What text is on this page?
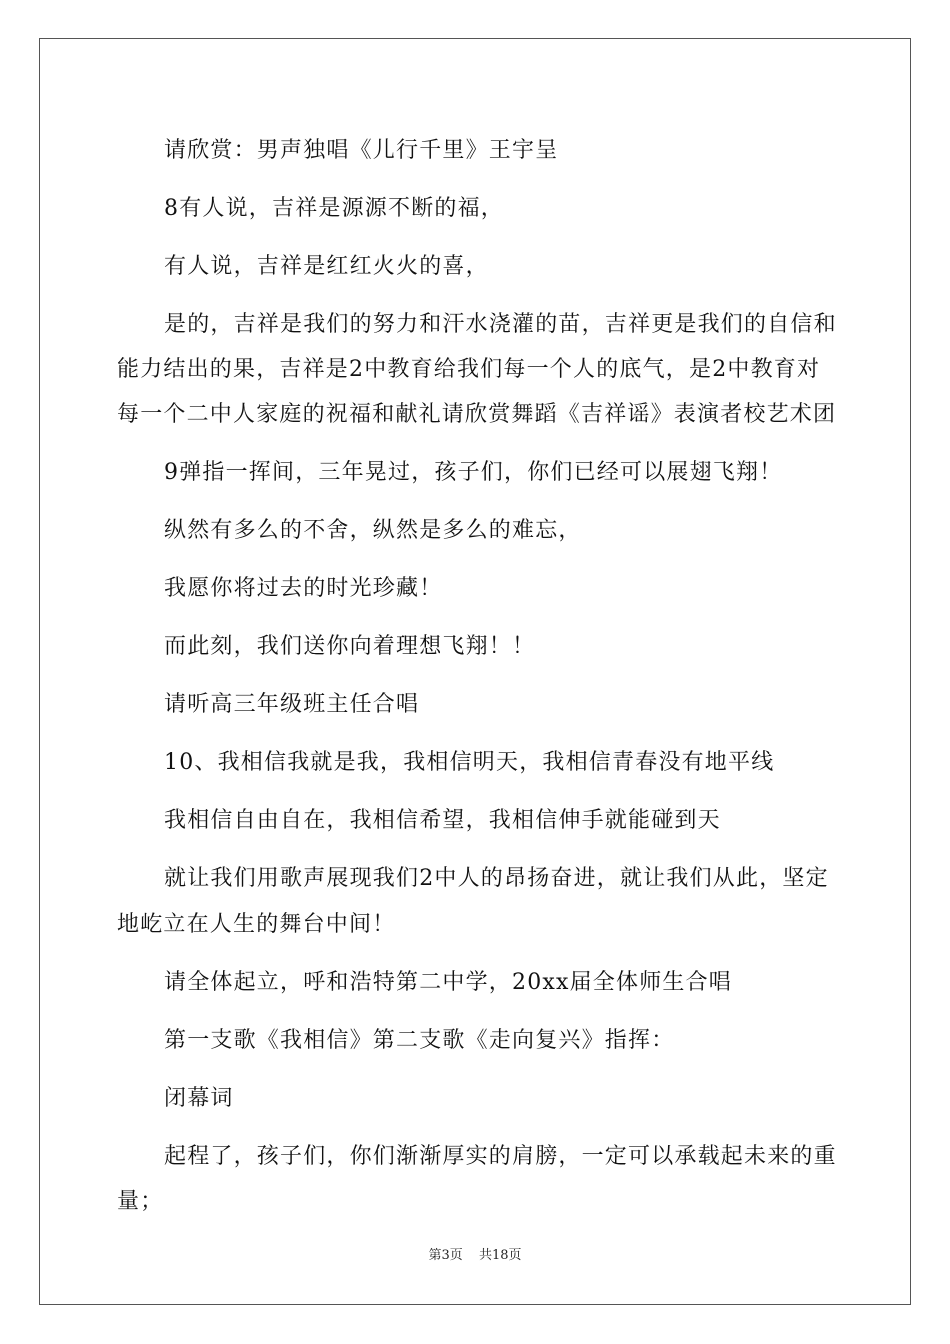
请欣赏：男声独唱《儿行千里》王宇呈

8有人说，吉祥是源源不断的福，

有人说，吉祥是红红火火的喜，

是的，吉祥是我们的努力和汗水浇灌的苗，吉祥更是我们的自信和能力结出的果，吉祥是2中教育给我们每一个人的底气，是2中教育对每一个二中人家庭的祝福和献礼请欣赏舞蹈《吉祥谣》表演者校艺术团

9弹指一挥间，三年晃过，孩子们，你们已经可以展翅飞翔！

纵然有多么的不舍，纵然是多么的难忘，

我愿你将过去的时光珍藏！

而此刻，我们送你向着理想飞翔！！

请听高三年级班主任合唱

10、我相信我就是我，我相信明天，我相信青春没有地平线

我相信自由自在，我相信希望，我相信伸手就能碰到天

就让我们用歌声展现我们2中人的昂扬奋进，就让我们从此，坚定地屹立在人生的舞台中间！

请全体起立，呼和浩特第二中学，20xx届全体师生合唱

第一支歌《我相信》第二支歌《走向复兴》指挥：

闭幕词

起程了，孩子们，你们渐渐厚实的肩膀，一定可以承载起未来的重量；

第3页 共18页
